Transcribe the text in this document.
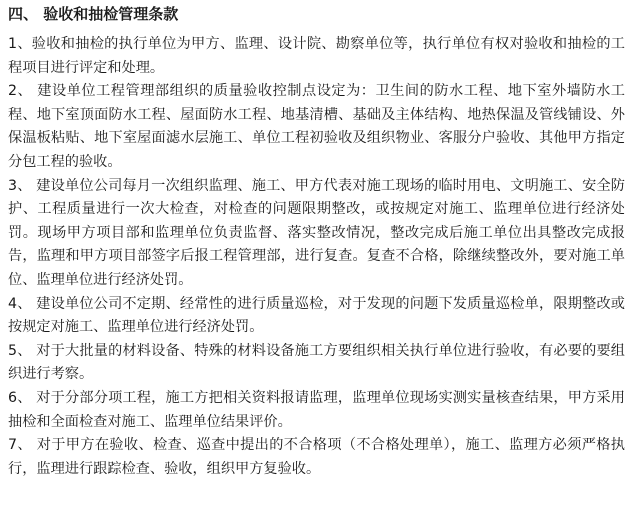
四、 验收和抽检管理条款

1、验收和抽检的执行单位为甲方、监理、设计院、勘察单位等，执行单位有权对验收和抽检的工程项目进行评定和处理。

2、 建设单位工程管理部组织的质量验收控制点设定为：卫生间的防水工程、地下室外墙防水工程、地下室顶面防水工程、屋面防水工程、地基清槽、基础及主体结构、地热保温及管线铺设、外保温板粘贴、地下室屋面滤水层施工、单位工程初验收及组织物业、客服分户验收、其他甲方指定分包工程的验收。

3、 建设单位公司每月一次组织监理、施工、甲方代表对施工现场的临时用电、文明施工、安全防护、工程质量进行一次大检查，对检查的问题限期整改，或按规定对施工、监理单位进行经济处罚。现场甲方项目部和监理单位负责监督、落实整改情况，整改完成后施工单位出具整改完成报告，监理和甲方项目部签字后报工程管理部，进行复查。复查不合格，除继续整改外，要对施工单位、监理单位进行经济处罚。

4、 建设单位公司不定期、经常性的进行质量巡检，对于发现的问题下发质量巡检单，限期整改或按规定对施工、监理单位进行经济处罚。

5、 对于大批量的材料设备、特殊的材料设备施工方要组织相关执行单位进行验收，有必要的要组织进行考察。

6、 对于分部分项工程，施工方把相关资料报请监理，监理单位现场实测实量核查结果，甲方采用抽检和全面检查对施工、监理单位结果评价。

7、 对于甲方在验收、检查、巡查中提出的不合格项（不合格处理单），施工、监理方必须严格执行，监理进行跟踪检查、验收，组织甲方复验收。
